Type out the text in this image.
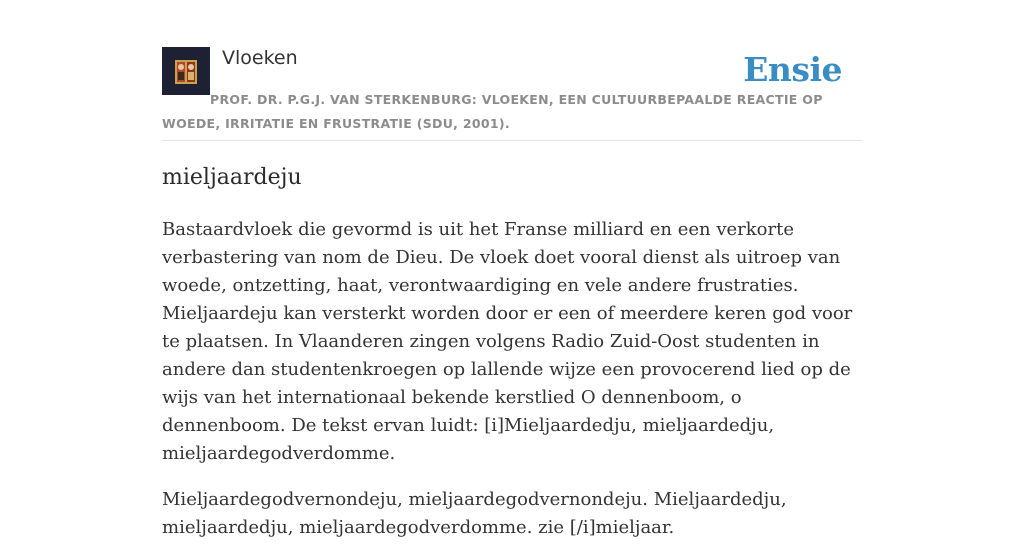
Vloeken	Ensie

PROF. DR. P.G.J. VAN STERKENBURG: VLOEKEN, EEN CULTUURBEPAALDE REACTIE OP WOEDE, IRRITATIE EN FRUSTRATIE (SDU, 2001).

mieljaardeju

Bastaardvloek die gevormd is uit het Franse milliard en een verkorte verbastering van nom de Dieu. De vloek doet vooral dienst als uitroep van woede, ontzetting, haat, verontwaardiging en vele andere frustraties. Mieljaardeju kan versterkt worden door er een of meerdere keren god voor te plaatsen. In Vlaanderen zingen volgens Radio Zuid-Oost studenten in andere dan studentenkroegen op lallende wijze een provocerend lied op de wijs van het internationaal bekende kerstlied O dennenboom, o dennenboom. De tekst ervan luidt: [i]Mieljaardedju, mieljaardedju, mieljaardegodverdomme.

Mieljaardegodvernondeju, mieljaardegodvernondeju. Mieljaardedju, mieljaardedju, mieljaardegodverdomme. zie [/i]mieljaar.
